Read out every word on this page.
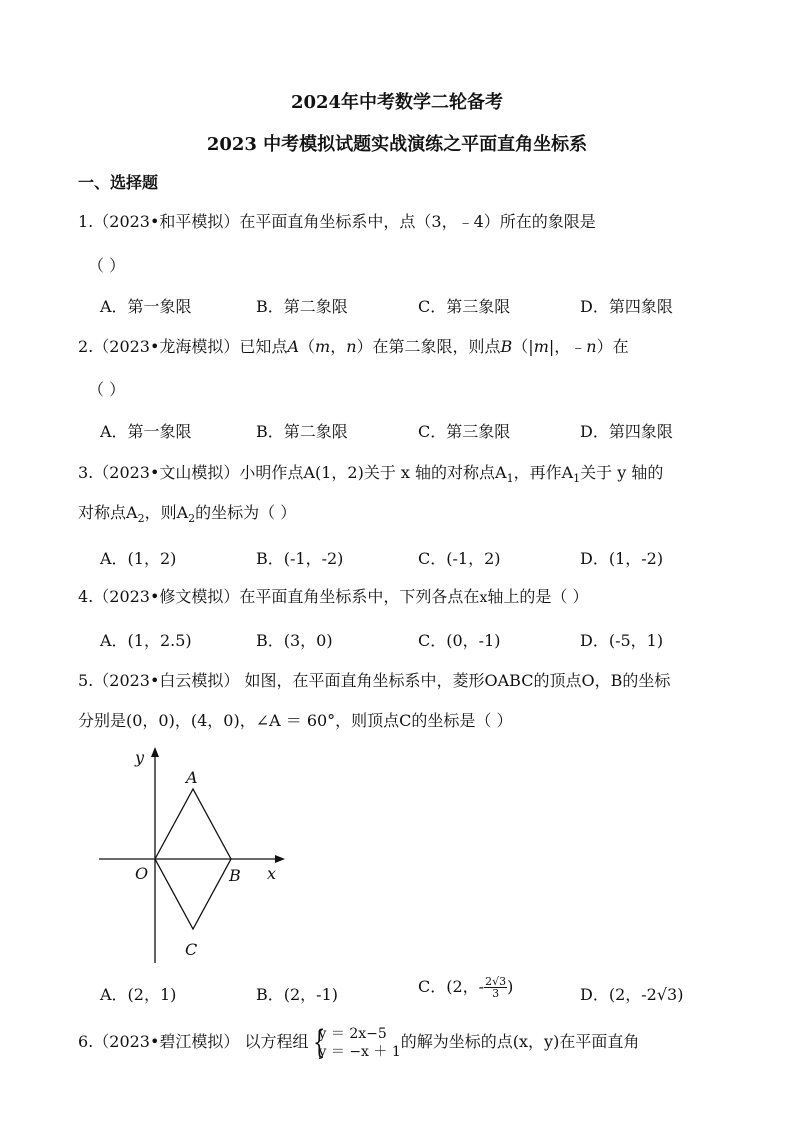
2024年中考数学二轮备考
2023 中考模拟试题实战演练之平面直角坐标系
一、选择题
1.（2023•和平模拟）在平面直角坐标系中，点（3，﹣4）所在的象限是
（ ）
A．第一象限	B．第二象限	C．第三象限	D．第四象限
2.（2023•龙海模拟）已知点A（m，n）在第二象限，则点B（|m|，﹣n）在
（ ）
A．第一象限	B．第二象限	C．第三象限	D．第四象限
3.（2023•文山模拟）小明作点A(1，2)关于 x 轴的对称点$A_1$，再作$A_1$关于 y 轴的
对称点$A_2$，则$A_2$的坐标为（ ）
A．(1，2)	B．(-1，-2)	C．(-1，2)	D．(1，-2)
4.（2023•修文模拟）在平面直角坐标系中，下列各点在x轴上的是（ ）
A．(1，2.5)	B．(3，0)	C．(0，-1)	D．(-5，1)
5.（2023•白云模拟） 如图，在平面直角坐标系中，菱形OABC的顶点O，B的坐标
分别是(0，0)，(4，0)，∠A ＝ 60°，则顶点C的坐标是（ ）
y
A
O	B x
C
A．(2，1)	B．(2，-1)	C．(2，- $\frac{2√3}{3}$ )	D．(2，-2√3)
6.（2023•碧江模拟） 以方程组 {
y ＝ 2x−5
y ＝ −x ＋ 1
的解为坐标的点(x，y)在平面直角
